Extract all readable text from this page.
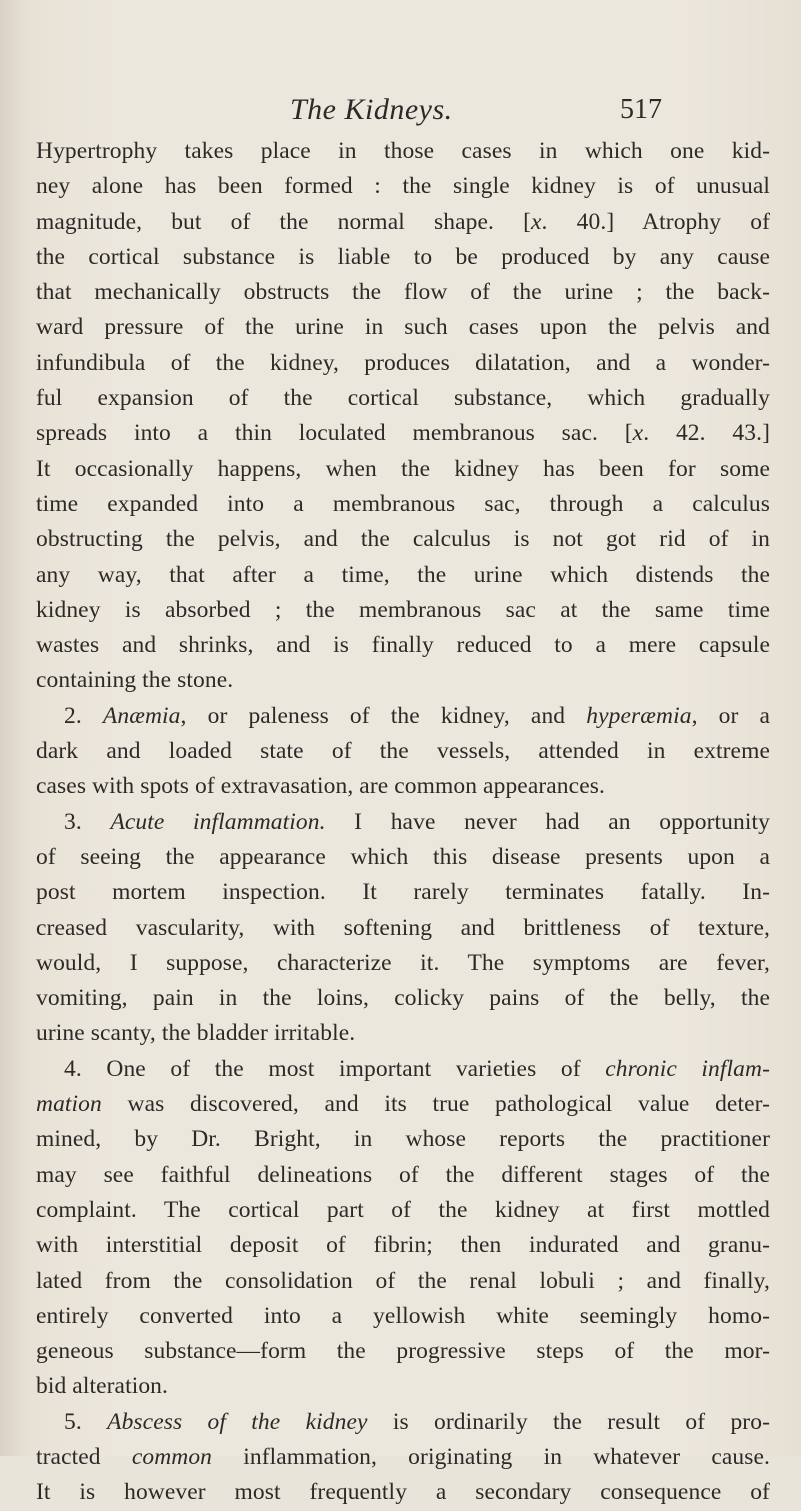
The Kidneys.	517
Hypertrophy takes place in those cases in which one kid-
ney alone has been formed : the single kidney is of unusual
magnitude, but of the normal shape. [x. 40.] Atrophy of
the cortical substance is liable to be produced by any cause
that mechanically obstructs the flow of the urine ; the back-
ward pressure of the urine in such cases upon the pelvis and
infundibula of the kidney, produces dilatation, and a wonder-
ful expansion of the cortical substance, which gradually
spreads into a thin loculated membranous sac. [x. 42. 43.]
It occasionally happens, when the kidney has been for some
time expanded into a membranous sac, through a calculus
obstructing the pelvis, and the calculus is not got rid of in
any way, that after a time, the urine which distends the
kidney is absorbed ; the membranous sac at the same time
wastes and shrinks, and is finally reduced to a mere capsule
containing the stone.
2. Anæmia, or paleness of the kidney, and hyperæmia, or a
dark and loaded state of the vessels, attended in extreme
cases with spots of extravasation, are common appearances.
3. Acute inflammation. I have never had an opportunity
of seeing the appearance which this disease presents upon a
post mortem inspection. It rarely terminates fatally. In-
creased vascularity, with softening and brittleness of texture,
would, I suppose, characterize it. The symptoms are fever,
vomiting, pain in the loins, colicky pains of the belly, the
urine scanty, the bladder irritable.
4. One of the most important varieties of chronic inflam-
mation was discovered, and its true pathological value deter-
mined, by Dr. Bright, in whose reports the practitioner
may see faithful delineations of the different stages of the
complaint. The cortical part of the kidney at first mottled
with interstitial deposit of fibrin; then indurated and granu-
lated from the consolidation of the renal lobuli ; and finally,
entirely converted into a yellowish white seemingly homo-
geneous substance—form the progressive steps of the mor-
bid alteration.
5. Abscess of the kidney is ordinarily the result of pro-
tracted common inflammation, originating in whatever cause.
It is however most frequently a secondary consequence of
